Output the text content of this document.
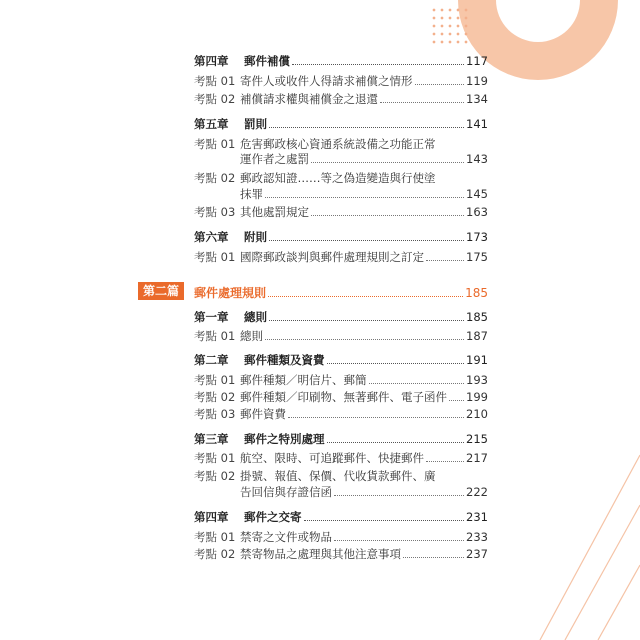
第四章	郵件補償	117
考點 01 寄件人或收件人得請求補償之情形	119
考點 02 補償請求權與補償金之退還	134
第五章	罰則	141
考點 01 危害郵政核心資通系統設備之功能正常
運作者之處罰	143
考點 02 郵政認知證……等之偽造變造與行使塗
抹罪	145
考點 03 其他處罰規定	163
第六章	附則	173
考點 01 國際郵政談判與郵件處理規則之訂定	175
第二篇	郵件處理規則	185
第一章	總則	185
考點 01 總則	187
第二章	郵件種類及資費	191
考點 01 郵件種類／明信片、郵簡	193
考點 02 郵件種類／印刷物、無著郵件、電子函件 199
考點 03 郵件資費	210
第三章	郵件之特別處理	215
考點 01 航空、限時、可追蹤郵件、快捷郵件	217
考點 02 掛號、報值、保價、代收貨款郵件、廣
告回信與存證信函	222
第四章	郵件之交寄	231
考點 01 禁寄之文件或物品	233
考點 02 禁寄物品之處理與其他注意事項	237
